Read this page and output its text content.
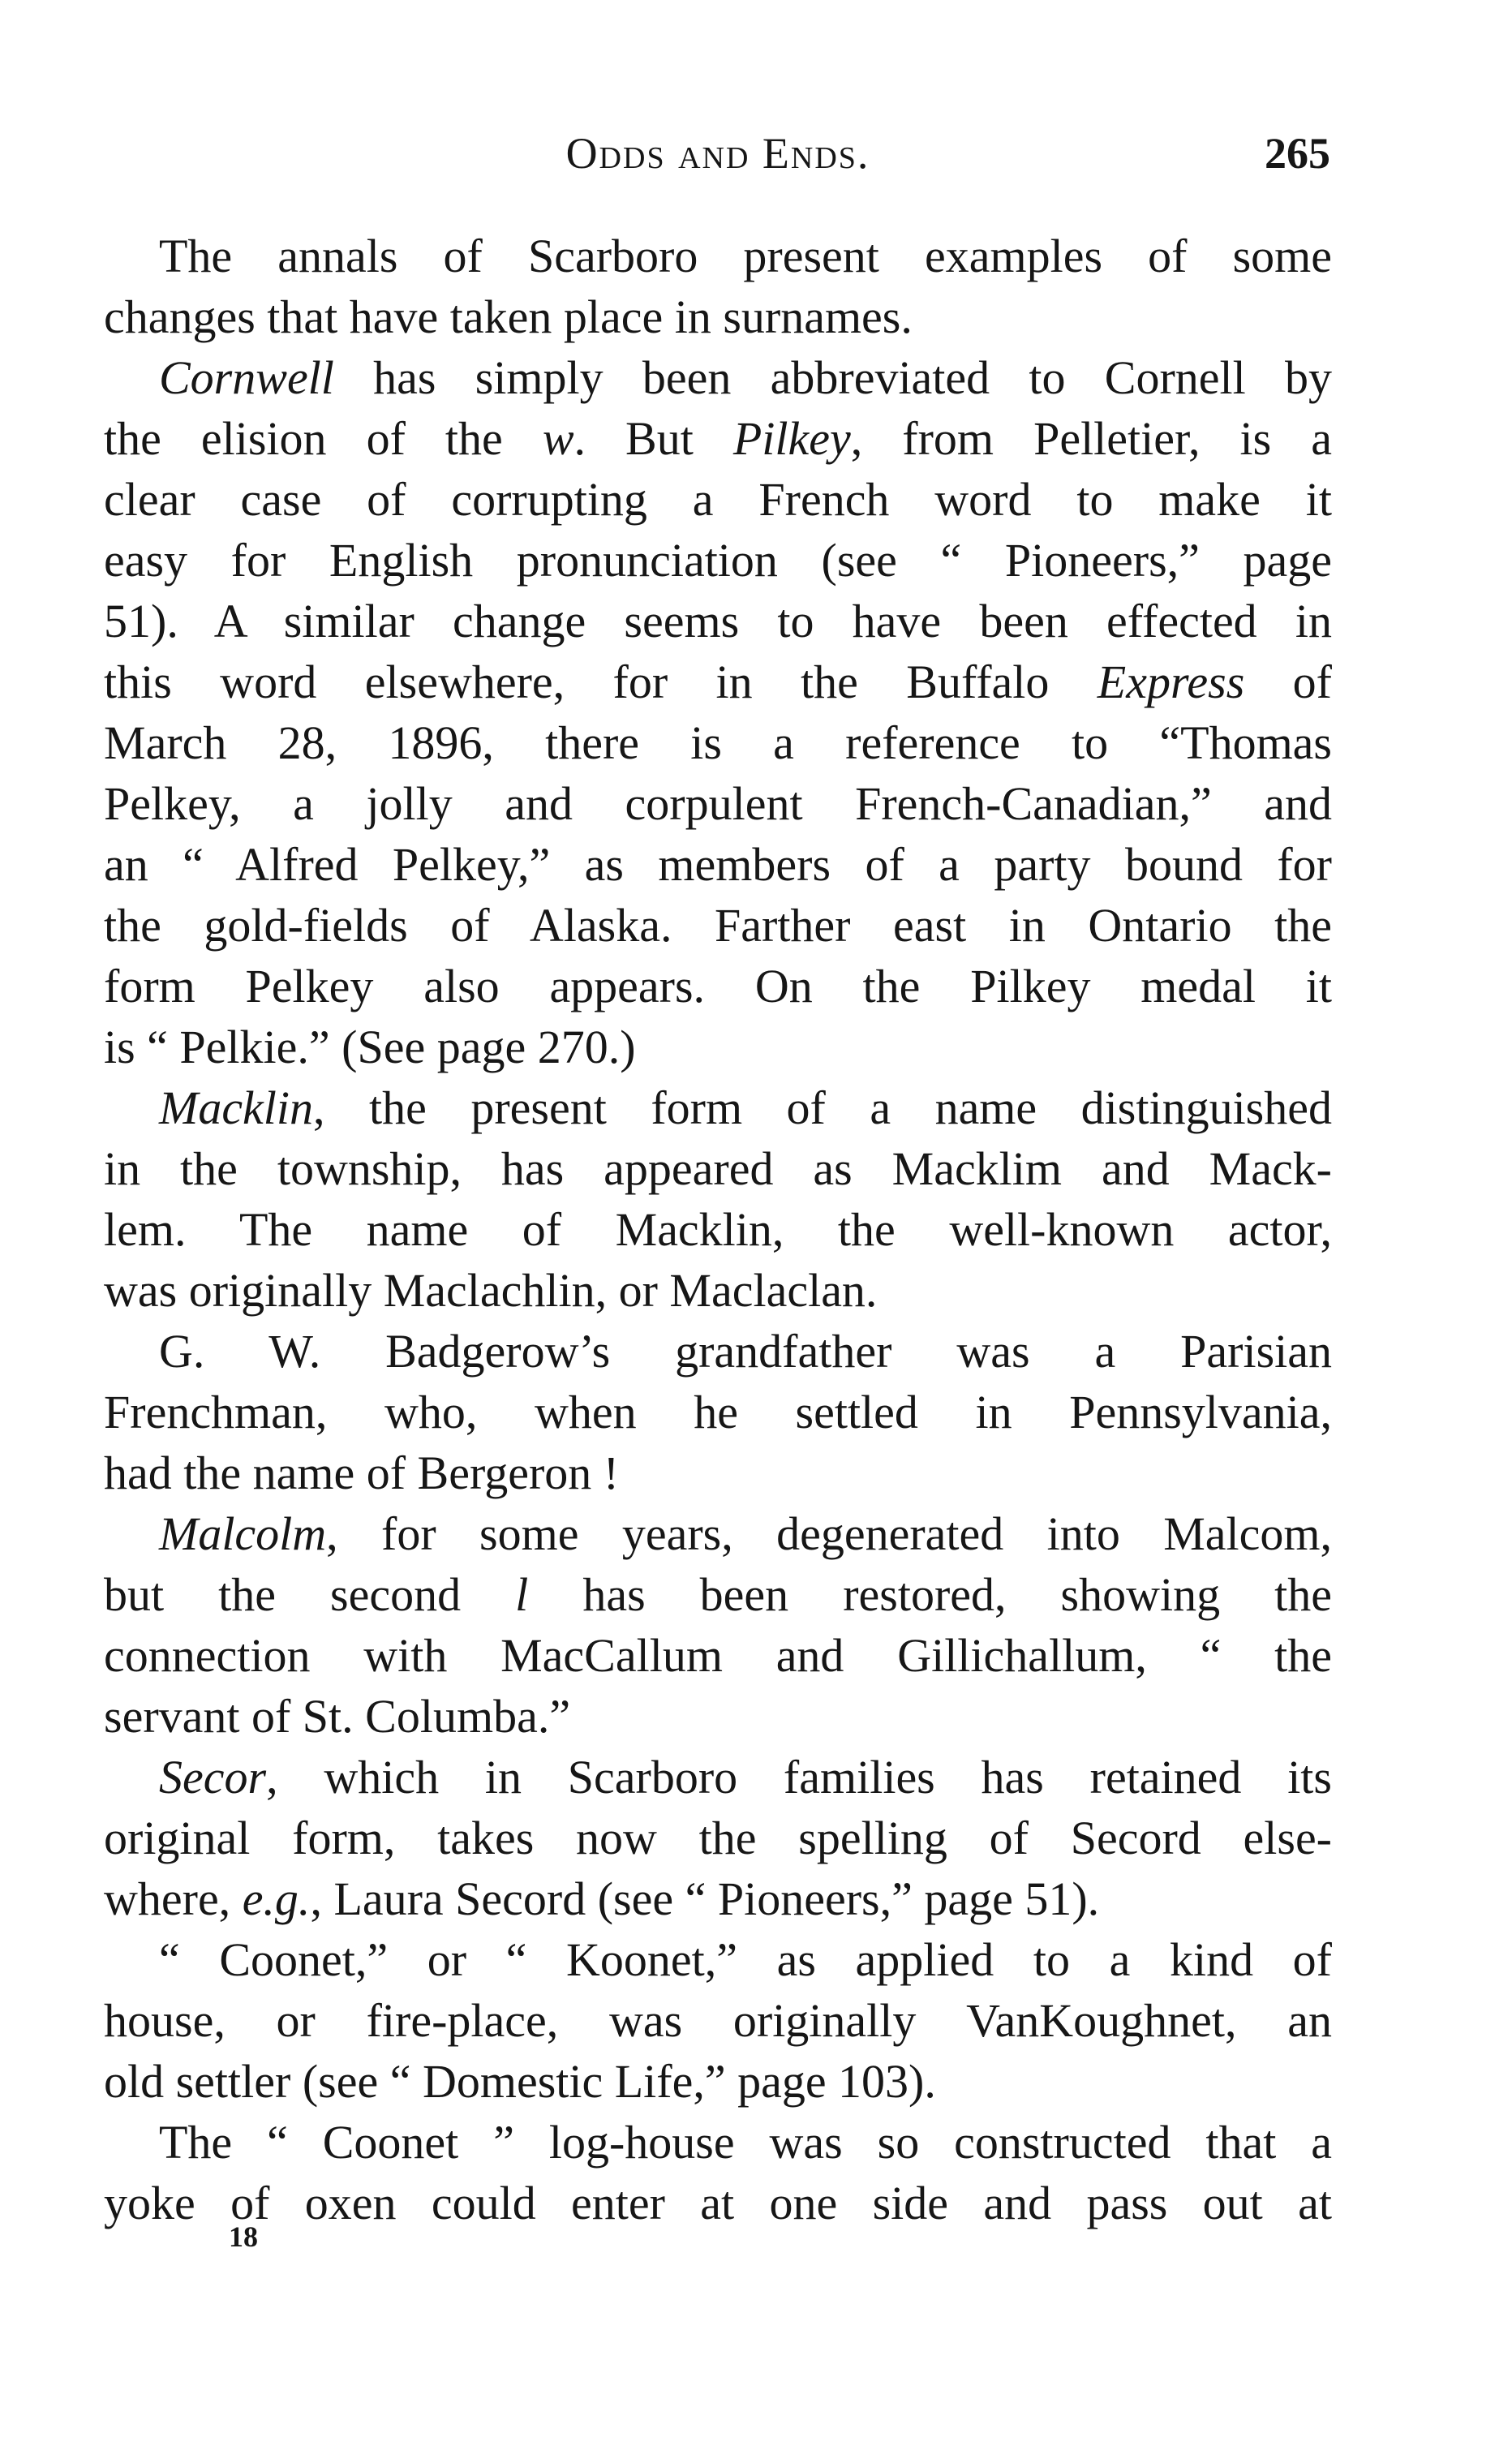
Odds and Ends.	265
The annals of Scarboro present examples of some
changes that have taken place in surnames.
Cornwell has simply been abbreviated to Cornell by
the elision of the w. But Pilkey, from Pelletier, is a
clear case of corrupting a French word to make it
easy for English pronunciation (see “ Pioneers,” page
51). A similar change seems to have been effected in
this word elsewhere, for in the Buffalo Express of
March 28, 1896, there is a reference to “Thomas
Pelkey, a jolly and corpulent French-Canadian,” and
an “ Alfred Pelkey,” as members of a party bound for
the gold-fields of Alaska. Farther east in Ontario the
form Pelkey also appears. On the Pilkey medal it
is “ Pelkie.” (See page 270.)
Macklin, the present form of a name distinguished
in the township, has appeared as Macklim and Mack-
lem. The name of Macklin, the well-known actor,
was originally Maclachlin, or Maclaclan.
G. W. Badgerow’s grandfather was a Parisian
Frenchman, who, when he settled in Pennsylvania,
had the name of Bergeron !
Malcolm, for some years, degenerated into Malcom,
but the second l has been restored, showing the
connection with MacCallum and Gillichallum, “ the
servant of St. Columba.”
Secor, which in Scarboro families has retained its
original form, takes now the spelling of Secord else-
where, e.g., Laura Secord (see “ Pioneers,” page 51).
“ Coonet,” or “ Koonet,” as applied to a kind of
house, or fire-place, was originally VanKoughnet, an
old settler (see “ Domestic Life,” page 103).
The “ Coonet ” log-house was so constructed that a
yoke of oxen could enter at one side and pass out at
18
